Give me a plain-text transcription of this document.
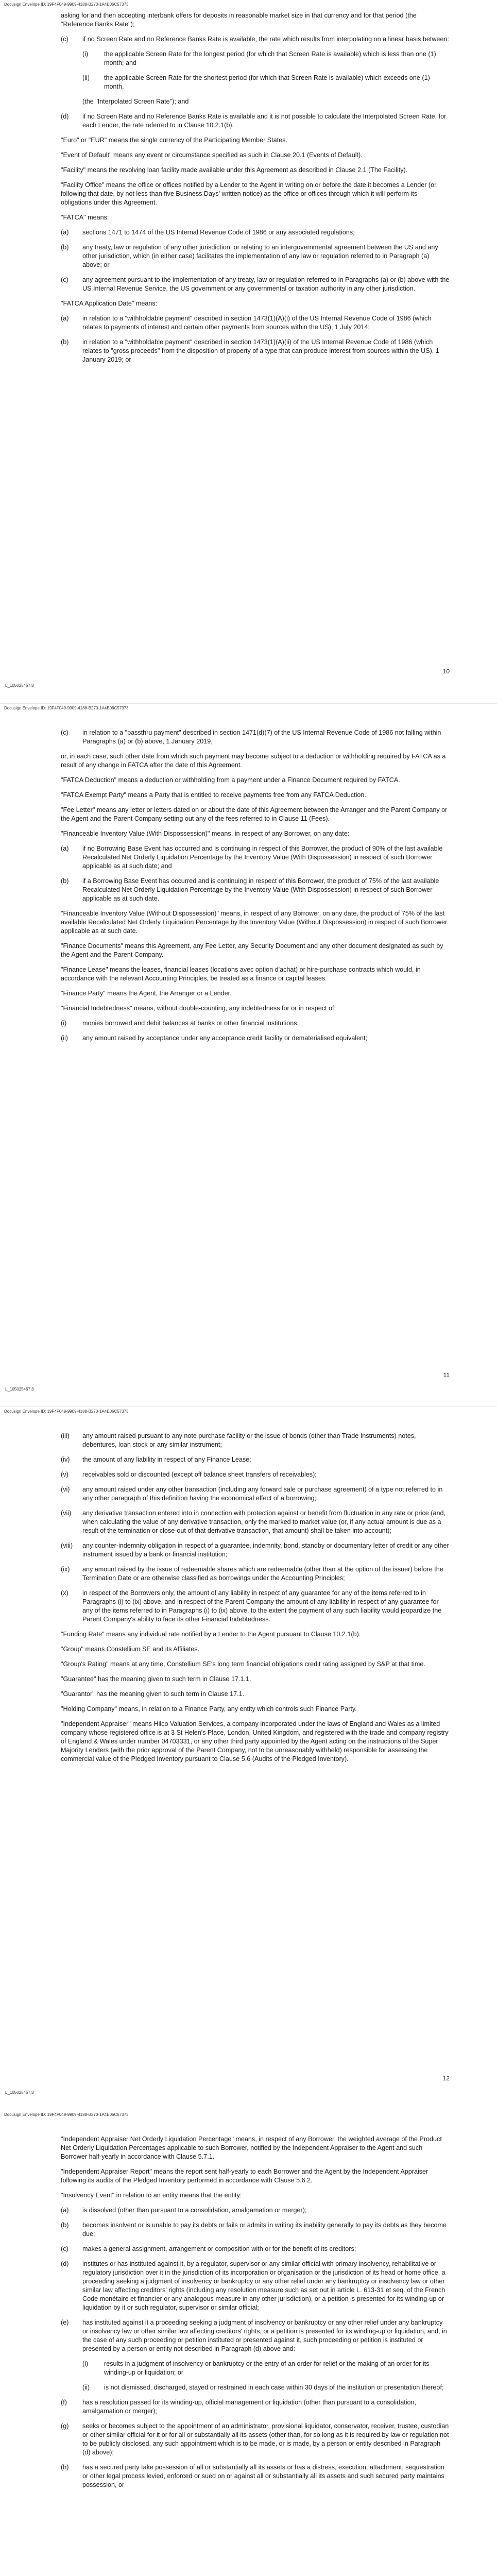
Docusign Envelope ID: 19F4F049-9909-4188-B270-1A4E06C57373

asking for and then accepting interbank offers for deposits in reasonable market size in that currency and for that period (the "Reference Banks Rate");

(c) if no Screen Rate and no Reference Banks Rate is available, the rate which results from interpolating on a linear basis between:
(i) the applicable Screen Rate for the longest period (for which that Screen Rate is available) which is less than one (1) month; and
(ii) the applicable Screen Rate for the shortest period (for which that Screen Rate is available) which exceeds one (1) month,

(the "Interpolated Screen Rate"); and

(d) if no Screen Rate and no Reference Banks Rate is available and it is not possible to calculate the Interpolated Screen Rate, for each Lender, the rate referred to in Clause 10.2.1(b).

"Euro" or "EUR" means the single currency of the Participating Member States.

"Event of Default" means any event or circumstance specified as such in Clause 20.1 (Events of Default).

"Facility" means the revolving loan facility made available under this Agreement as described in Clause 2.1 (The Facility).

"Facility Office" means the office or offices notified by a Lender to the Agent in writing on or before the date it becomes a Lender (or, following that date, by not less than five Business Days' written notice) as the office or offices through which it will perform its obligations under this Agreement.

"FATCA" means:

(a) sections 1471 to 1474 of the US Internal Revenue Code of 1986 or any associated regulations;
(b) any treaty, law or regulation of any other jurisdiction, or relating to an intergovernmental agreement between the US and any other jurisdiction, which (in either case) facilitates the implementation of any law or regulation referred to in Paragraph (a) above; or
(c) any agreement pursuant to the implementation of any treaty, law or regulation referred to in Paragraphs (a) or (b) above with the US Internal Revenue Service, the US government or any governmental or taxation authority in any other jurisdiction.

"FATCA Application Date" means:

(a) in relation to a "withholdable payment" described in section 1473(1)(A)(i) of the US Internal Revenue Code of 1986 (which relates to payments of interest and certain other payments from sources within the US), 1 July 2014;
(b) in relation to a "withholdable payment" described in section 1473(1)(A)(ii) of the US Internal Revenue Code of 1986 (which relates to "gross proceeds" from the disposition of property of a type that can produce interest from sources within the US), 1 January 2019; or
10
L_105025467.8
Docusign Envelope ID: 19F4F049-9909-4188-B270-1A4E06C57373
(c) in relation to a "passthru payment" described in section 1471(d)(7) of the US Internal Revenue Code of 1986 not falling within Paragraphs (a) or (b) above, 1 January 2019,

or, in each case, such other date from which such payment may become subject to a deduction or withholding required by FATCA as a result of any change in FATCA after the date of this Agreement.

"FATCA Deduction" means a deduction or withholding from a payment under a Finance Document required by FATCA.

"FATCA Exempt Party" means a Party that is entitled to receive payments free from any FATCA Deduction.

"Fee Letter" means any letter or letters dated on or about the date of this Agreement between the Arranger and the Parent Company or the Agent and the Parent Company setting out any of the fees referred to in Clause 11 (Fees).

"Financeable Inventory Value (With Dispossession)" means, in respect of any Borrower, on any date:

(a) if no Borrowing Base Event has occurred and is continuing in respect of this Borrower, the product of 90% of the last available Recalculated Net Orderly Liquidation Percentage by the Inventory Value (With Dispossession) in respect of such Borrower applicable as at such date; and
(b) if a Borrowing Base Event has occurred and is continuing in respect of this Borrower, the product of 75% of the last available Recalculated Net Orderly Liquidation Percentage by the Inventory Value (With Dispossession) in respect of such Borrower applicable as at such date.

"Financeable Inventory Value (Without Dispossession)" means, in respect of any Borrower, on any date, the product of 75% of the last available Recalculated Net Orderly Liquidation Percentage by the Inventory Value (Without Dispossession) in respect of such Borrower applicable as at such date.

"Finance Documents" means this Agreement, any Fee Letter, any Security Document and any other document designated as such by the Agent and the Parent Company.

"Finance Lease" means the leases, financial leases (locations avec option d'achat) or hire-purchase contracts which would, in accordance with the relevant Accounting Principles, be treated as a finance or capital leases.

"Finance Party" means the Agent, the Arranger or a Lender.

"Financial Indebtedness" means, without double-counting, any indebtedness for or in respect of:

(i) monies borrowed and debit balances at banks or other financial institutions;
(ii) any amount raised by acceptance under any acceptance credit facility or dematerialised equivalent;
11
L_105025467.8
Docusign Envelope ID: 19F4F049-9909-4188-B270-1A4E06C57373
(iii) any amount raised pursuant to any note purchase facility or the issue of bonds (other than Trade Instruments) notes, debentures, loan stock or any similar instrument;
(iv) the amount of any liability in respect of any Finance Lease;
(v) receivables sold or discounted (except off balance sheet transfers of receivables);
(vi) any amount raised under any other transaction (including any forward sale or purchase agreement) of a type not referred to in any other paragraph of this definition having the economical effect of a borrowing;
(vii) any derivative transaction entered into in connection with protection against or benefit from fluctuation in any rate or price (and, when calculating the value of any derivative transaction, only the marked to market value (or, if any actual amount is due as a result of the termination or close-out of that derivative transaction, that amount) shall be taken into account);
(viii) any counter-indemnity obligation in respect of a guarantee, indemnity, bond, standby or documentary letter of credit or any other instrument issued by a bank or financial institution;
(ix) any amount raised by the issue of redeemable shares which are redeemable (other than at the option of the issuer) before the Termination Date or are otherwise classified as borrowings under the Accounting Principles;
(x) in respect of the Borrowers only, the amount of any liability in respect of any guarantee for any of the items referred to in Paragraphs (i) to (ix) above, and in respect of the Parent Company the amount of any liability in respect of any guarantee for any of the items referred to in Paragraphs (i) to (ix) above, to the extent the payment of any such liability would jeopardize the Parent Company's ability to face its other Financial Indebtedness.

"Funding Rate" means any individual rate notified by a Lender to the Agent pursuant to Clause 10.2.1(b).

"Group" means Constellium SE and its Affiliates.

"Group's Rating" means at any time, Constellium SE's long term financial obligations credit rating assigned by S&P at that time.

"Guarantee" has the meaning given to such term in Clause 17.1.1.

"Guarantor" has the meaning given to such term in Clause 17.1.

"Holding Company" means, in relation to a Finance Party, any entity which controls such Finance Party.

"Independent Appraiser" means Hilco Valuation Services, a company incorporated under the laws of England and Wales as a limited company whose registered office is at 3 St Helen's Place, London, United Kingdom, and registered with the trade and company registry of England & Wales under number 04703331, or any other third party appointed by the Agent acting on the instructions of the Super Majority Lenders (with the prior approval of the Parent Company, not to be unreasonably withheld) responsible for assessing the commercial value of the Pledged Inventory pursuant to Clause 5.6 (Audits of the Pledged Inventory).

12
L_105025467.8
Docusign Envelope ID: 19F4F049-9909-4188-B270-1A4E06C57373

"Independent Appraiser Net Orderly Liquidation Percentage" means, in respect of any Borrower, the weighted average of the Product Net Orderly Liquidation Percentages applicable to such Borrower, notified by the Independent Appraiser to the Agent and such Borrower half-yearly in accordance with Clause 5.7.1.

"Independent Appraiser Report" means the report sent half-yearly to each Borrower and the Agent by the Independent Appraiser following its audits of the Pledged Inventory performed in accordance with Clause 5.6.2.

"Insolvency Event" in relation to an entity means that the entity:

(a) is dissolved (other than pursuant to a consolidation, amalgamation or merger);
(b) becomes insolvent or is unable to pay its debts or fails or admits in writing its inability generally to pay its debts as they become due;
(c) makes a general assignment, arrangement or composition with or for the benefit of its creditors;
(d) institutes or has instituted against it, by a regulator, supervisor or any similar official with primary insolvency, rehabilitative or regulatory jurisdiction over it in the jurisdiction of its incorporation or organisation or the jurisdiction of its head or home office, a proceeding seeking a judgment of insolvency or bankruptcy or any other relief under any bankruptcy or insolvency law or other similar law affecting creditors' rights (including any resolution measure such as set out in article L. 613-31 et seq. of the French Code monétaire et financier or any analogous measure in any other jurisdiction), or a petition is presented for its winding-up or liquidation by it or such regulator, supervisor or similar official;
(e) has instituted against it a proceeding seeking a judgment of insolvency or bankruptcy or any other relief under any bankruptcy or insolvency law or other similar law affecting creditors' rights, or a petition is presented for its winding-up or liquidation, and, in the case of any such proceeding or petition instituted or presented against it, such proceeding or petition is instituted or presented by a person or entity not described in Paragraph (d) above and:
(i) results in a judgment of insolvency or bankruptcy or the entry of an order for relief or the making of an order for its winding-up or liquidation; or
(ii) is not dismissed, discharged, stayed or restrained in each case within 30 days of the institution or presentation thereof;
(f) has a resolution passed for its winding-up, official management or liquidation (other than pursuant to a consolidation, amalgamation or merger);
(g) seeks or becomes subject to the appointment of an administrator, provisional liquidator, conservator, receiver, trustee, custodian or other similar official for it or for all or substantially all its assets (other than, for so long as it is required by law or regulation not to be publicly disclosed, any such appointment which is to be made, or is made, by a person or entity described in Paragraph (d) above);
(h) has a secured party take possession of all or substantially all its assets or has a distress, execution, attachment, sequestration or other legal process levied, enforced or sued on or against all or substantially all its assets and such secured party maintains possession, or
